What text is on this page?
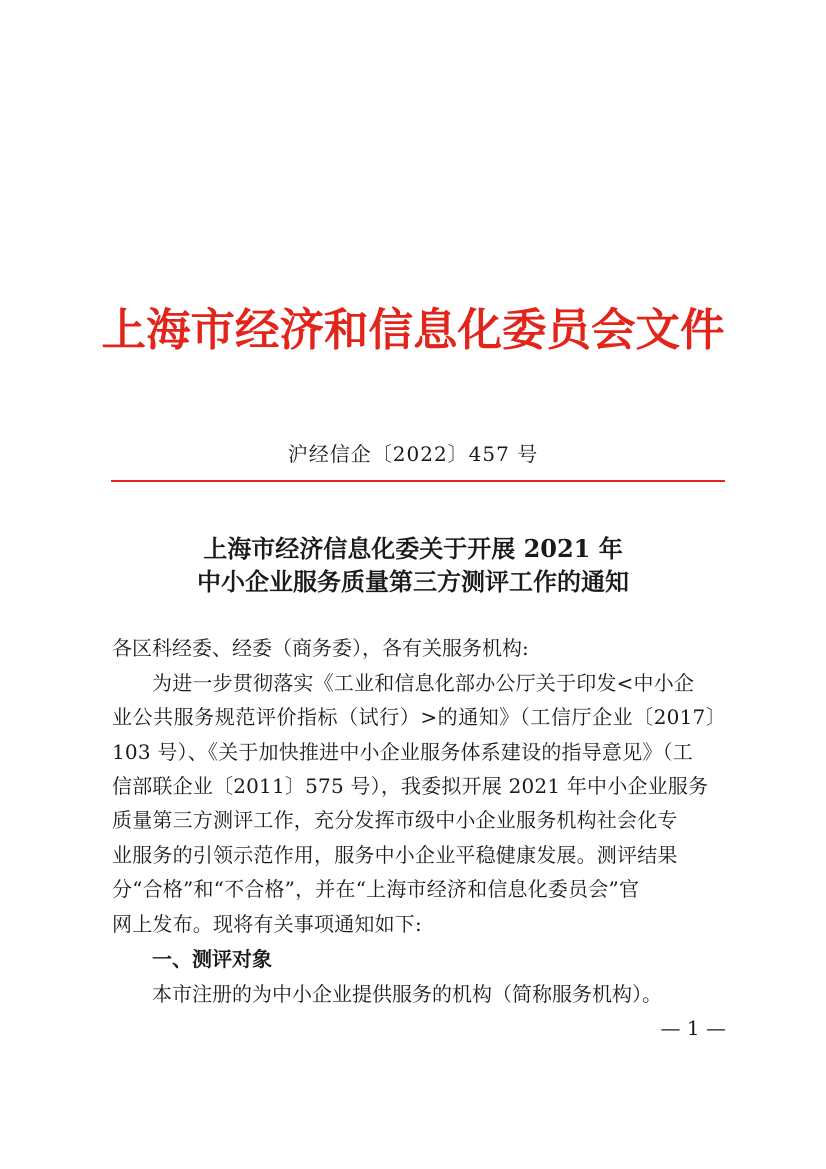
上海市经济和信息化委员会文件
沪经信企〔2022〕457 号
上海市经济信息化委关于开展 2021 年
中小企业服务质量第三方测评工作的通知
各区科经委、经委（商务委），各有关服务机构:
为进一步贯彻落实《工业和信息化部办公厅关于印发<中小企
业公共服务规范评价指标（试行）>的通知》（工信厅企业〔2017〕
103 号）、《关于加快推进中小企业服务体系建设的指导意见》（工
信部联企业〔2011〕575 号），我委拟开展 2021 年中小企业服务
质量第三方测评工作，充分发挥市级中小企业服务机构社会化专
业服务的引领示范作用，服务中小企业平稳健康发展。测评结果
分“合格”和“不合格”，并在“上海市经济和信息化委员会”官
网上发布。现将有关事项通知如下:
一、测评对象
本市注册的为中小企业提供服务的机构（简称服务机构）。
— 1 —
